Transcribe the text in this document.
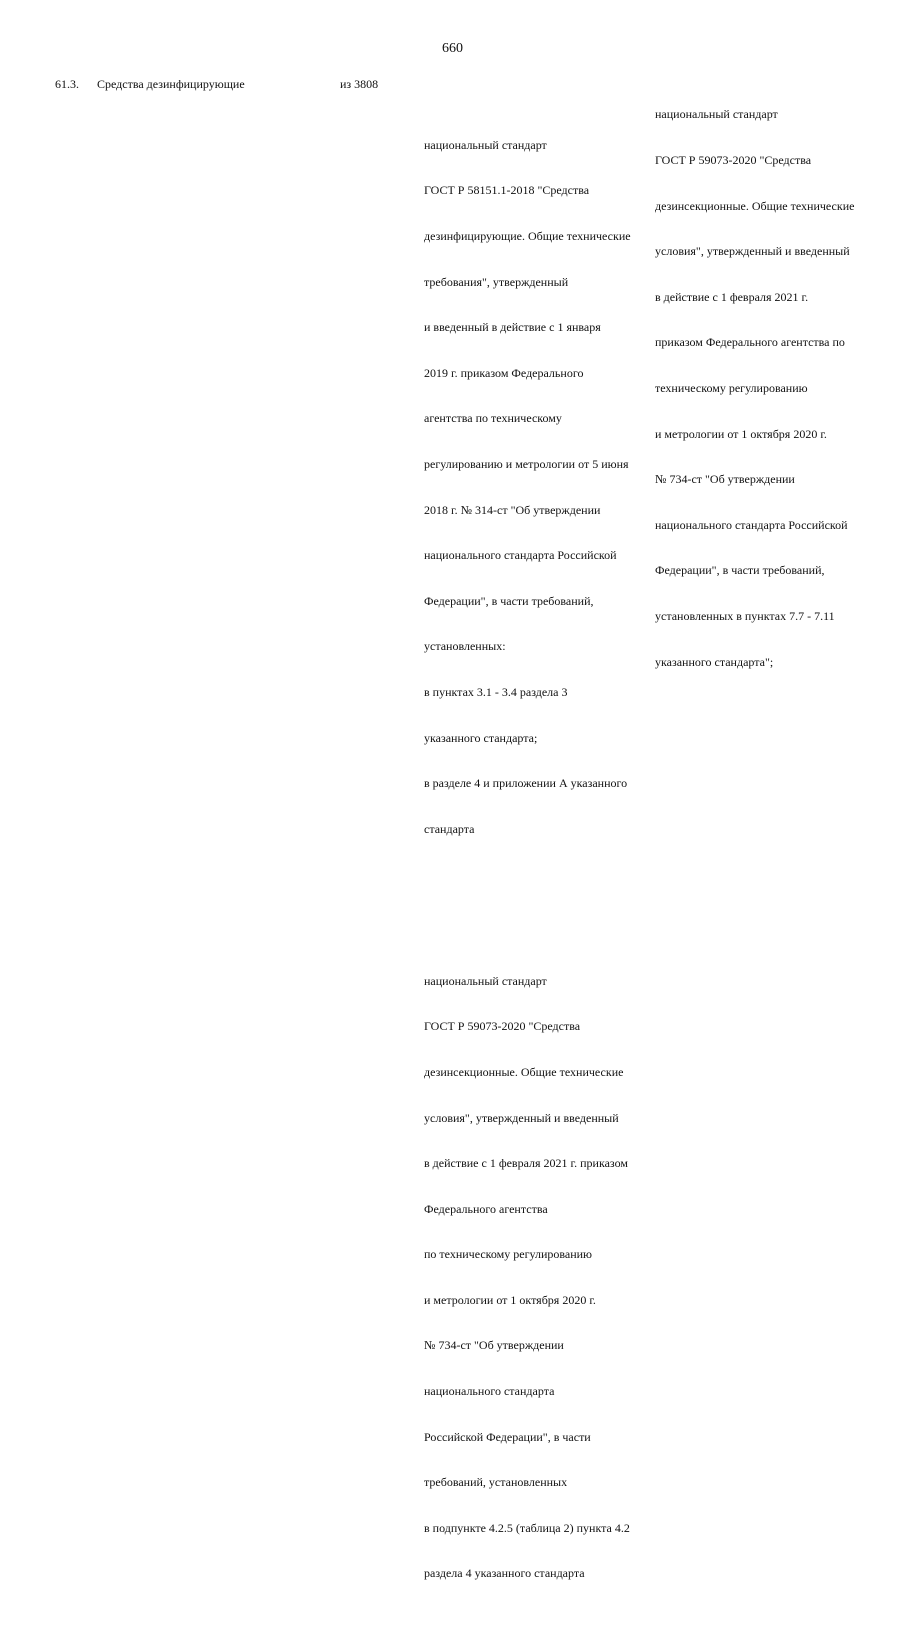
660
61.3. Средства дезинфицирующие	из 3808

национальный стандарт

ГОСТ Р 58151.1-2018 "Средства

дезинфицирующие. Общие технические

требования", утвержденный

и введенный в действие с 1 января

2019 г. приказом Федерального

агентства по техническому

регулированию и метрологии от 5 июня

2018 г. № 314-ст "Об утверждении

национального стандарта Российской

Федерации", в части требований,

установленных:

в пунктах 3.1 - 3.4 раздела 3

указанного стандарта;

в разделе 4 и приложении А указанного

стандарта

национальный стандарт

ГОСТ Р 59073-2020 "Средства

дезинсекционные. Общие технические

условия", утвержденный и введенный

в действие с 1 февраля 2021 г. приказом

Федерального агентства

по техническому регулированию

и метрологии от 1 октября 2020 г.

№ 734-ст "Об утверждении

национального стандарта

Российской Федерации", в части

требований, установленных

в подпункте 4.2.5 (таблица 2) пункта 4.2

раздела 4 указанного стандарта

национальный стандарт

ГОСТ Р 59073-2020 "Средства

дезинсекционные. Общие технические

условия", утвержденный и введенный

в действие с 1 февраля 2021 г.

приказом Федерального агентства по

техническому регулированию

и метрологии от 1 октября 2020 г.

№ 734-ст "Об утверждении

национального стандарта Российской

Федерации", в части требований,

установленных в пунктах 7.7 - 7.11

указанного стандарта";
